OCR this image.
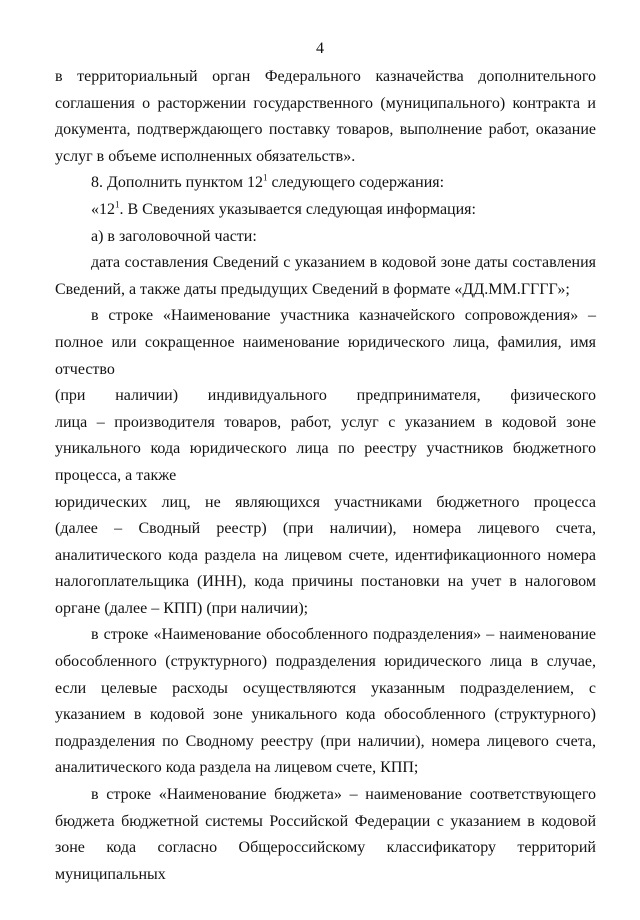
4

в территориальный орган Федерального казначейства дополнительного соглашения о расторжении государственного (муниципального) контракта и документа, подтверждающего поставку товаров, выполнение работ, оказание услуг в объеме исполненных обязательств».

8. Дополнить пунктом $12^1$ следующего содержания:

«$12^1$. В Сведениях указывается следующая информация:

а) в заголовочной части:

дата составления Сведений с указанием в кодовой зоне даты составления Сведений, а также даты предыдущих Сведений в формате «ДД.ММ.ГГГГ»;

в строке «Наименование участника казначейского сопровождения» – полное или сокращенное наименование юридического лица, фамилия, имя отчество

(при наличии) индивидуального предпринимателя, физического

лица – производителя товаров, работ, услуг с указанием в кодовой зоне уникального кода юридического лица по реестру участников бюджетного процесса, а также

юридических лиц, не являющихся участниками бюджетного процесса

(далее – Сводный реестр) (при наличии), номера лицевого счета, аналитического кода раздела на лицевом счете, идентификационного номера налогоплательщика (ИНН), кода причины постановки на учет в налоговом органе (далее – КПП) (при наличии);

в строке «Наименование обособленного подразделения» – наименование обособленного (структурного) подразделения юридического лица в случае, если целевые расходы осуществляются указанным подразделением, с указанием в кодовой зоне уникального кода обособленного (структурного) подразделения по Сводному реестру (при наличии), номера лицевого счета, аналитического кода раздела на лицевом счете, КПП;

в строке «Наименование бюджета» – наименование соответствующего бюджета бюджетной системы Российской Федерации с указанием в кодовой зоне кода согласно Общероссийскому классификатору территорий муниципальных
